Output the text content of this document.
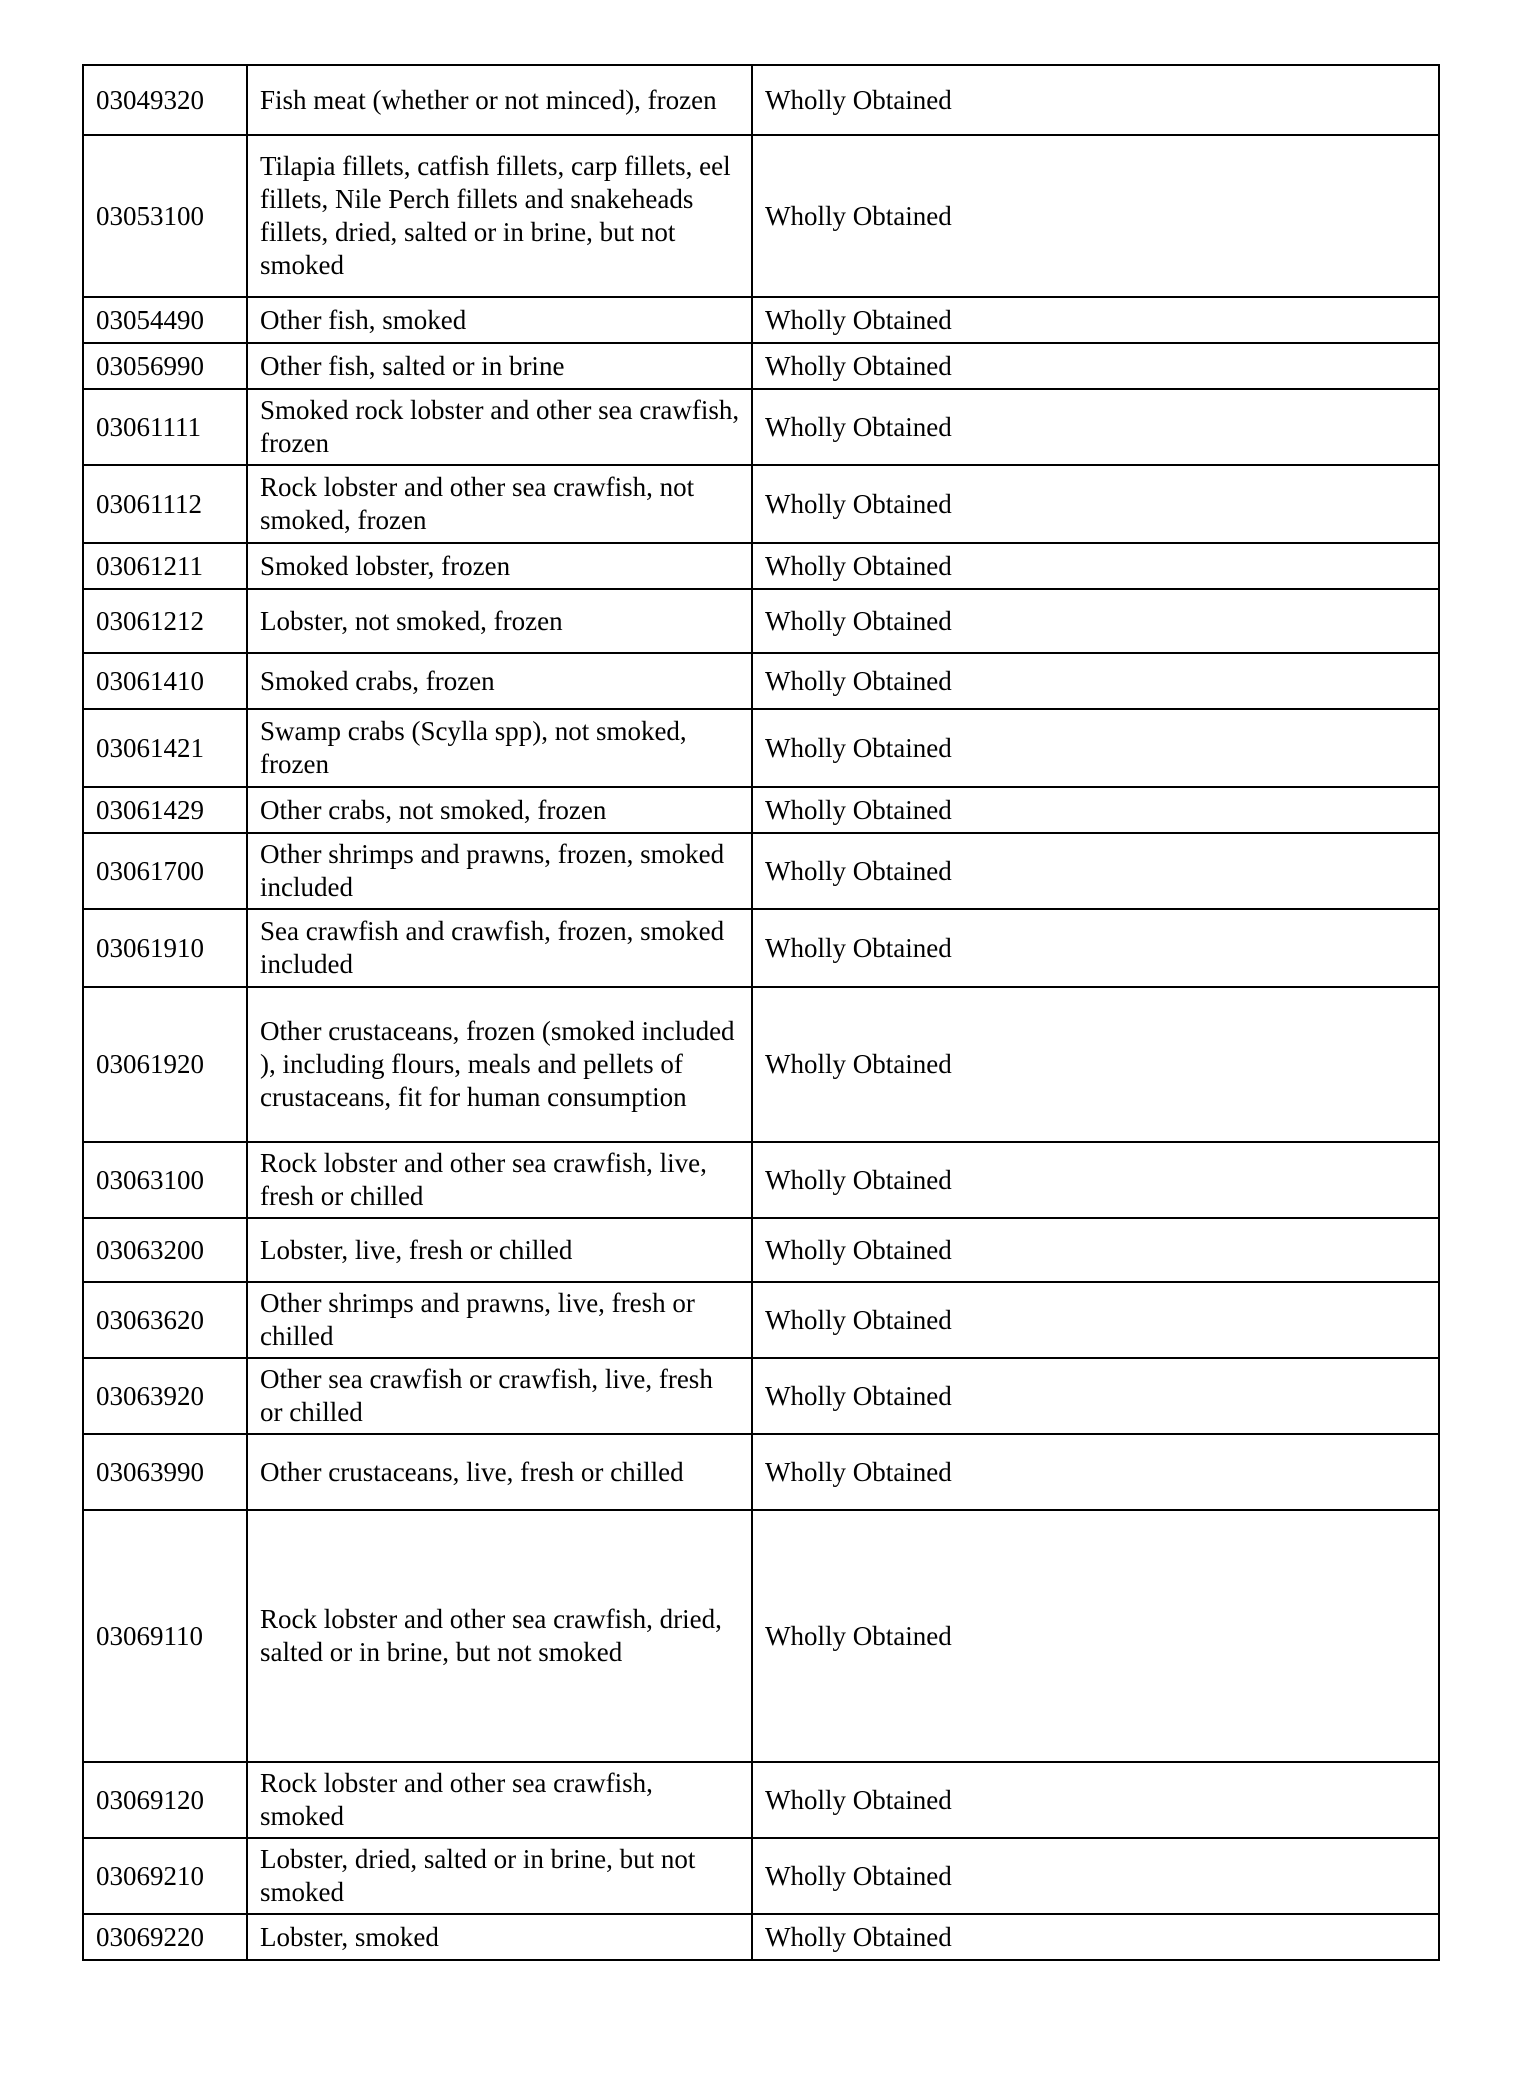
03049320	Fish meat (whether or not minced), frozen	Wholly Obtained
03053100	Tilapia fillets, catfish fillets, carp fillets, eel fillets, Nile Perch fillets and snakeheads fillets, dried, salted or in brine, but not smoked	Wholly Obtained
03054490	Other fish, smoked	Wholly Obtained
03056990	Other fish, salted or in brine	Wholly Obtained
03061111	Smoked rock lobster and other sea crawfish, frozen	Wholly Obtained
03061112	Rock lobster and other sea crawfish, not smoked, frozen	Wholly Obtained
03061211	Smoked lobster, frozen	Wholly Obtained
03061212	Lobster, not smoked, frozen	Wholly Obtained
03061410	Smoked crabs, frozen	Wholly Obtained
03061421	Swamp crabs (Scylla spp), not smoked, frozen	Wholly Obtained
03061429	Other crabs, not smoked, frozen	Wholly Obtained
03061700	Other shrimps and prawns, frozen, smoked included	Wholly Obtained
03061910	Sea crawfish and crawfish, frozen, smoked included	Wholly Obtained
03061920	Other crustaceans, frozen (smoked included ), including flours, meals and pellets of crustaceans, fit for human consumption	Wholly Obtained
03063100	Rock lobster and other sea crawfish, live, fresh or chilled	Wholly Obtained
03063200	Lobster, live, fresh or chilled	Wholly Obtained
03063620	Other shrimps and prawns, live, fresh or chilled	Wholly Obtained
03063920	Other sea crawfish or crawfish, live, fresh or chilled	Wholly Obtained
03063990	Other crustaceans, live, fresh or chilled	Wholly Obtained
03069110	Rock lobster and other sea crawfish, dried, salted or in brine, but not smoked	Wholly Obtained
03069120	Rock lobster and other sea crawfish, smoked	Wholly Obtained
03069210	Lobster, dried, salted or in brine, but not smoked	Wholly Obtained
03069220	Lobster, smoked	Wholly Obtained
